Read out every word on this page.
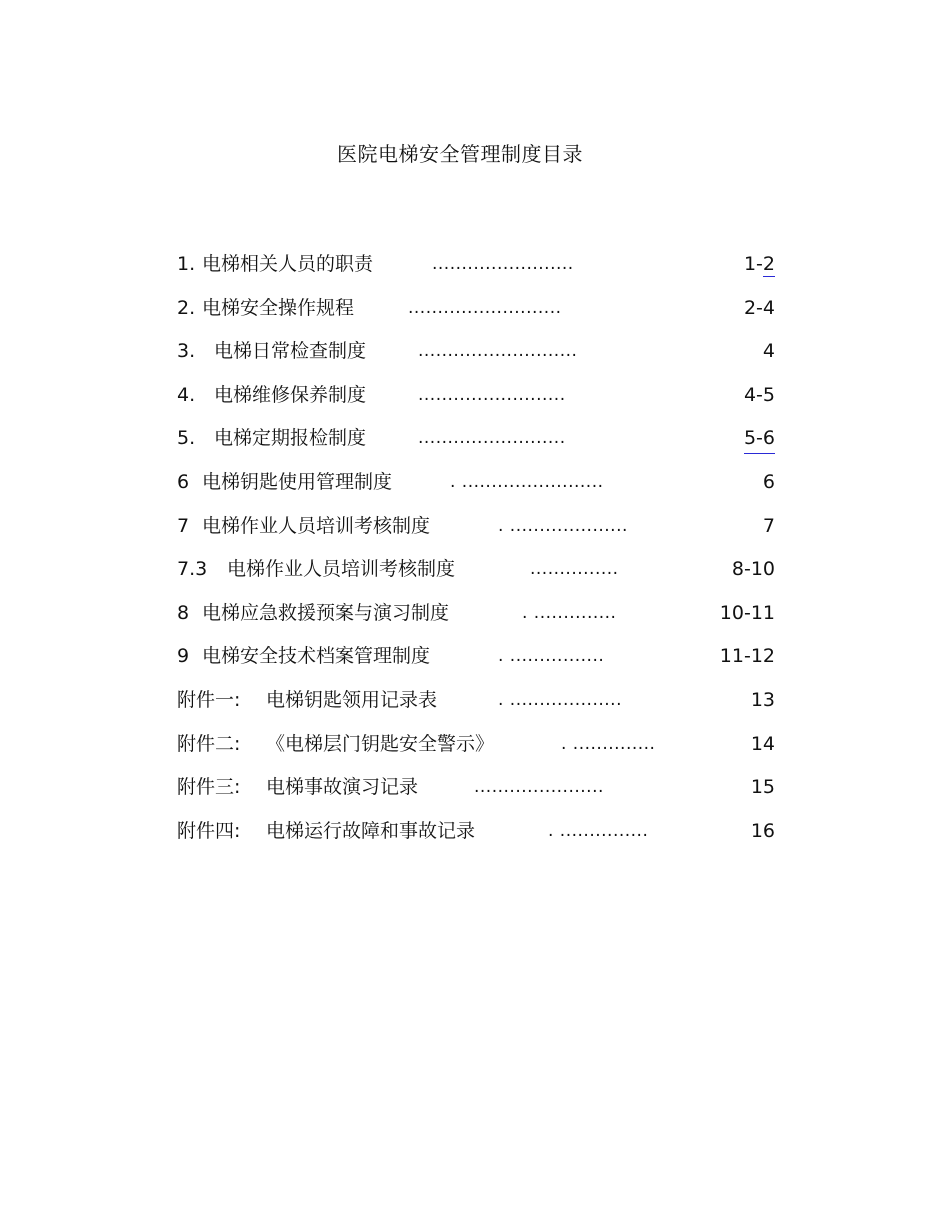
医院电梯安全管理制度目录
1. 电梯相关人员的职责	........................	1-2
2. 电梯安全操作规程	..........................	2-4
3. 电梯日常检查制度	...........................	4
4. 电梯维修保养制度	.........................	4-5
5. 电梯定期报检制度	.........................	5-6
6 电梯钥匙使用管理制度	. ........................	6
7 电梯作业人员培训考核制度	. ....................	7
7.3 电梯作业人员培训考核制度	...............	8-10
8 电梯应急救援预案与演习制度	. ..............	10-11
9 电梯安全技术档案管理制度	. ................	11-12
附件一: 电梯钥匙领用记录表	. ...................	13
附件二: 《电梯层门钥匙安全警示》	. ..............	14
附件三: 电梯事故演习记录	......................	15
附件四: 电梯运行故障和事故记录	. ...............	16
